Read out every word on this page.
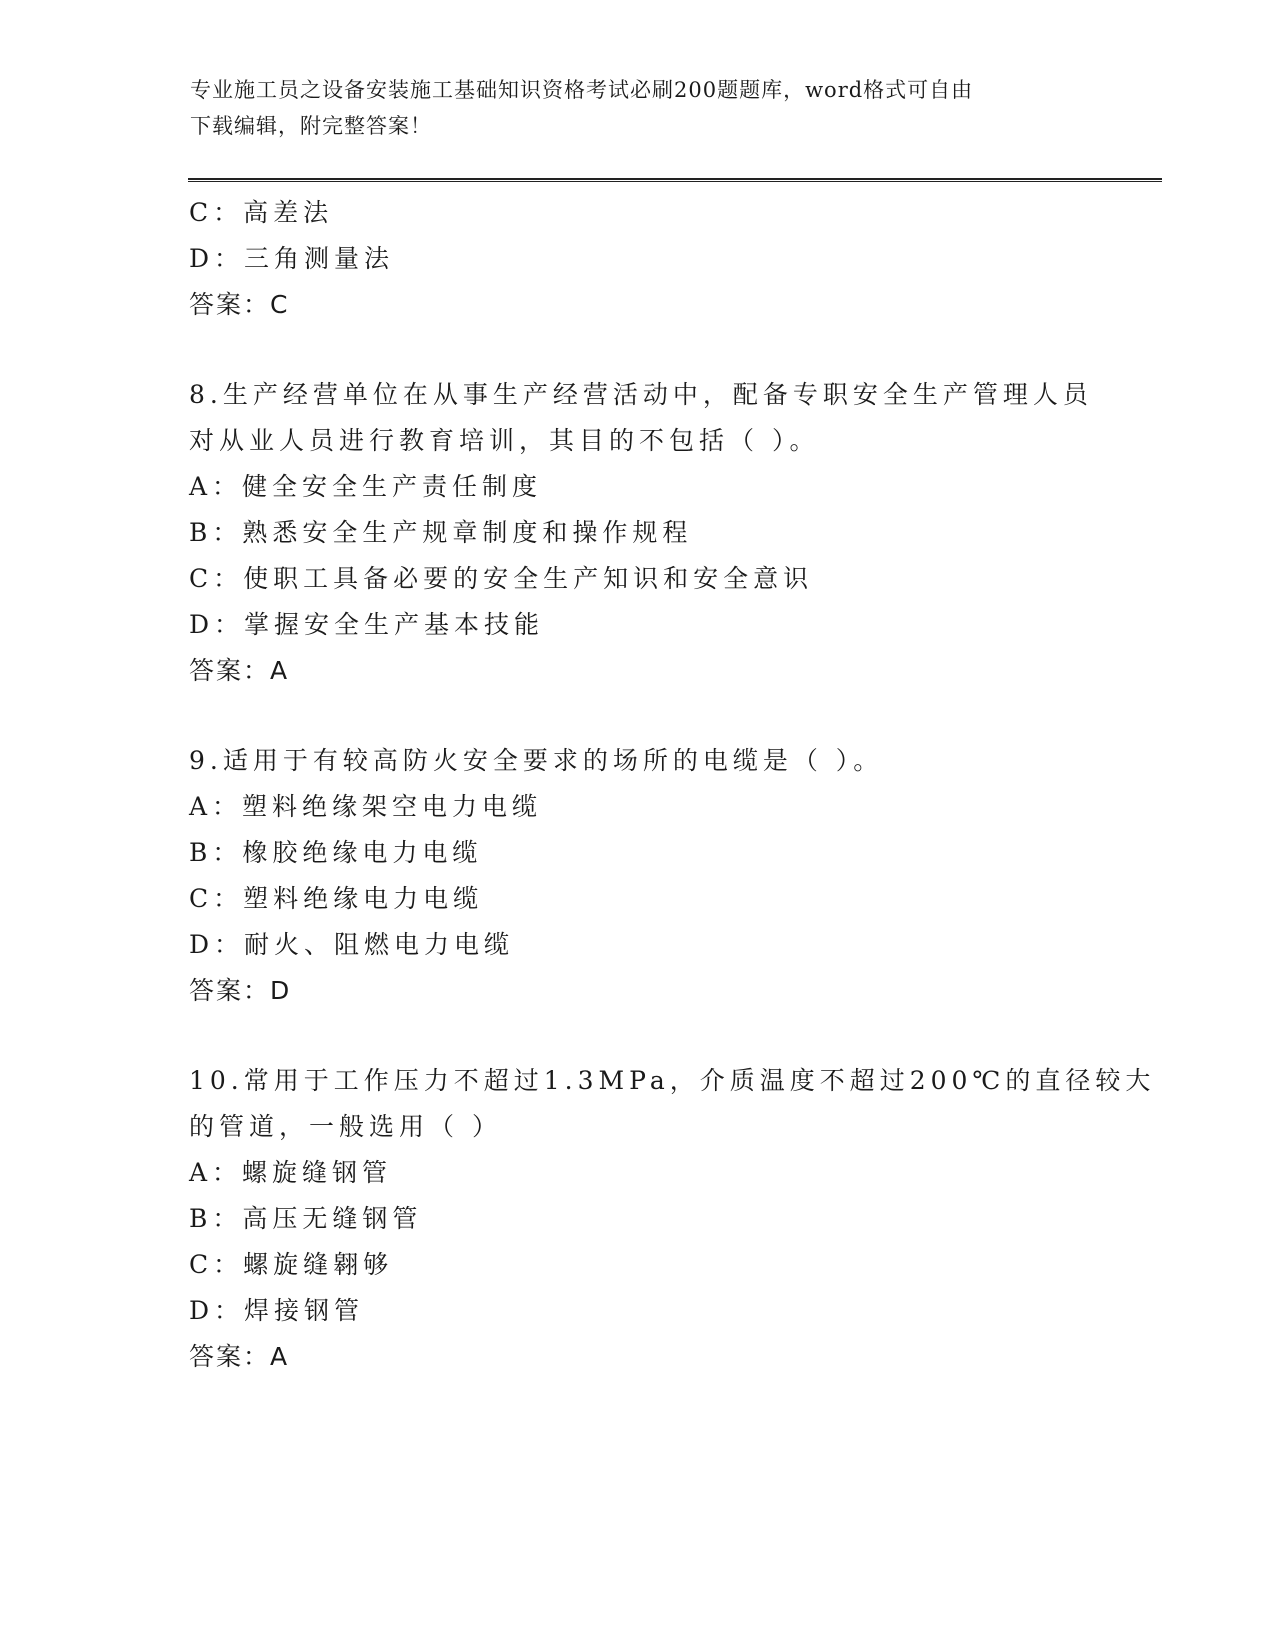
专业施工员之设备安装施工基础知识资格考试必刷200题题库，word格式可自由
下载编辑，附完整答案！
C：高差法
D：三角测量法
答案：C
8.生产经营单位在从事生产经营活动中，配备专职安全生产管理人员
对从业人员进行教育培训，其目的不包括（ ）。
A：健全安全生产责任制度
B：熟悉安全生产规章制度和操作规程
C：使职工具备必要的安全生产知识和安全意识
D：掌握安全生产基本技能
答案：A
9.适用于有较高防火安全要求的场所的电缆是（ ）。
A：塑料绝缘架空电力电缆
B：橡胶绝缘电力电缆
C：塑料绝缘电力电缆
D：耐火、阻燃电力电缆
答案：D
10.常用于工作压力不超过1.3MPa，介质温度不超过200℃的直径较大
的管道，一般选用（ ）
A：螺旋缝钢管
B：高压无缝钢管
C：螺旋缝翱够
D：焊接钢管
答案：A
